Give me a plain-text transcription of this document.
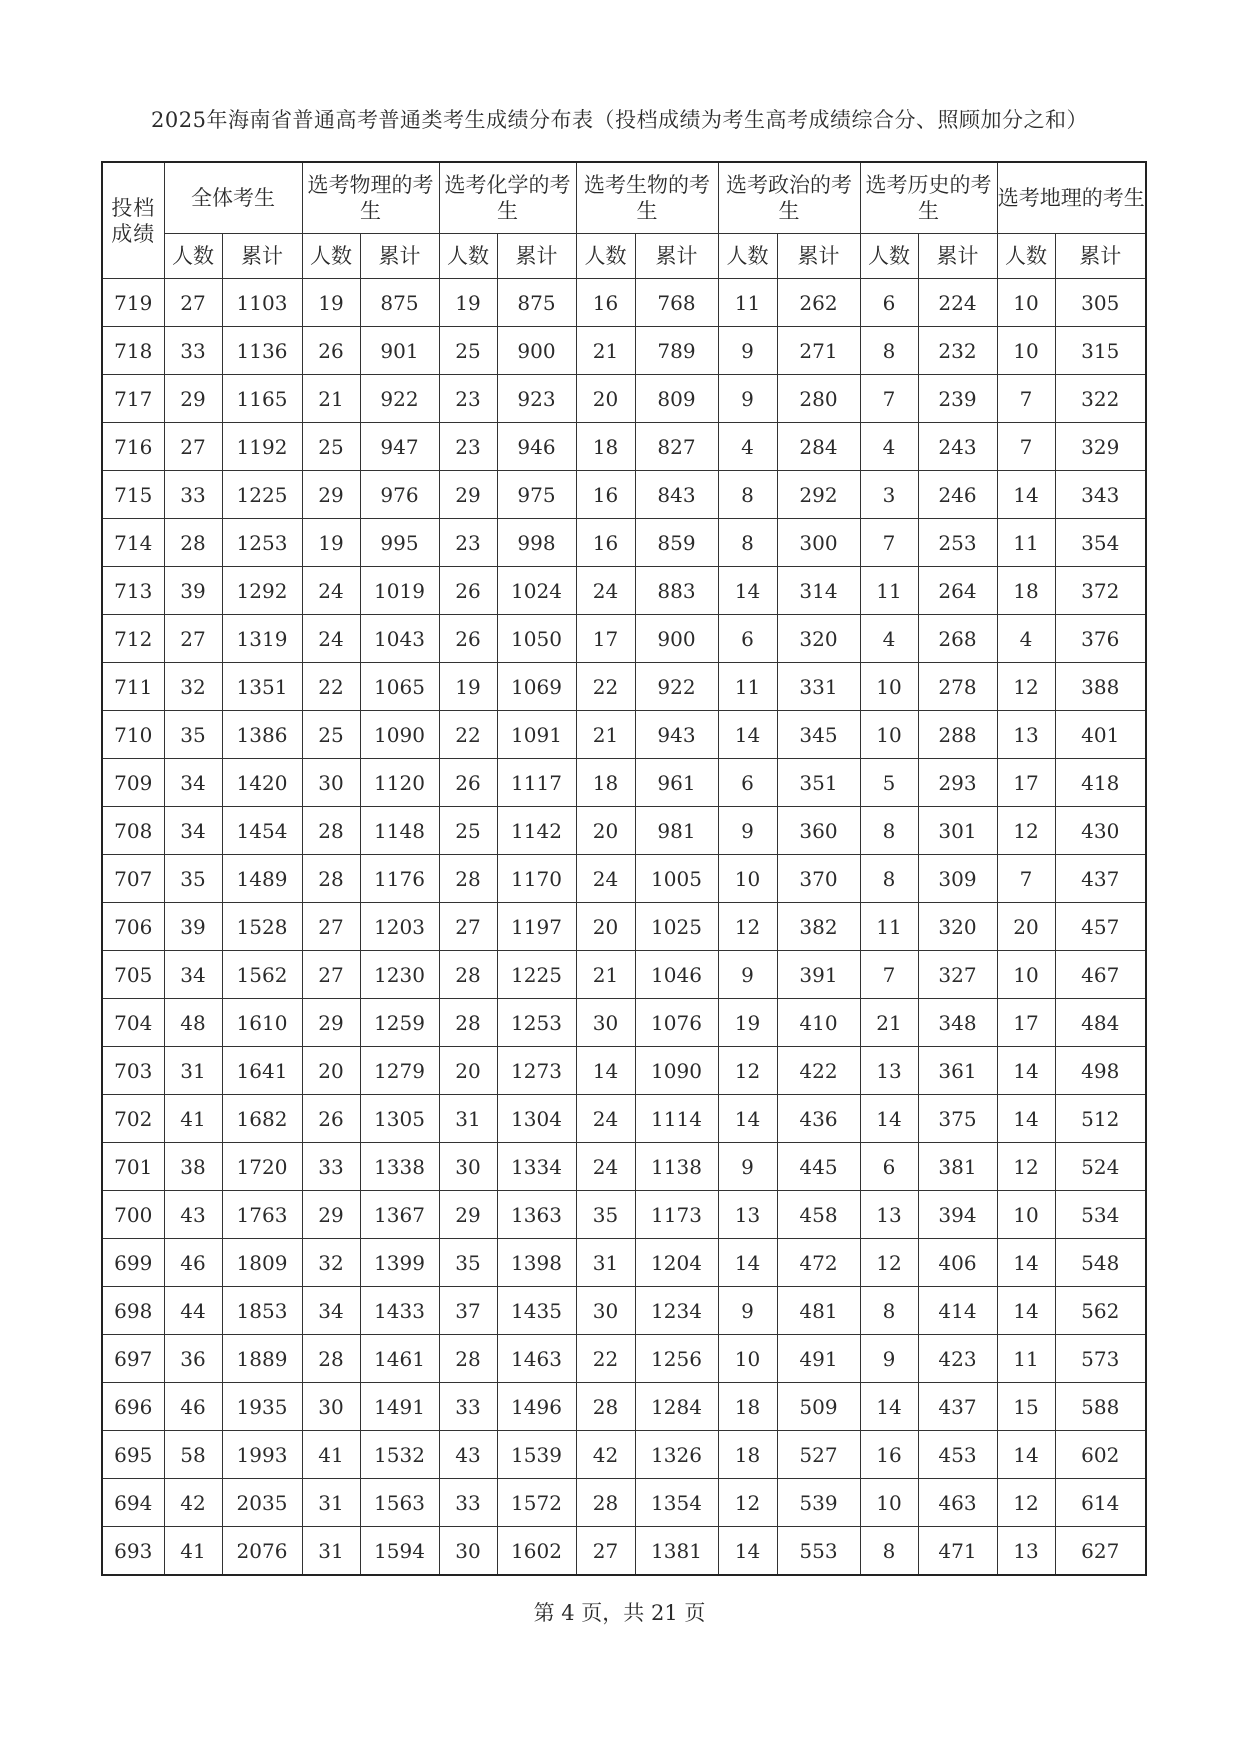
2025年海南省普通高考普通类考生成绩分布表（投档成绩为考生高考成绩综合分、照顾加分之和）
投档成绩	全体考生		选考物理的考生		选考化学的考生		选考生物的考生		选考政治的考生		选考历史的考生		选考地理的考生	
	人数	累计	人数	累计	人数	累计	人数	累计	人数	累计	人数	累计	人数	累计
719	27	1103	19	875	19	875	16	768	11	262	6	224	10	305
718	33	1136	26	901	25	900	21	789	9	271	8	232	10	315
717	29	1165	21	922	23	923	20	809	9	280	7	239	7	322
716	27	1192	25	947	23	946	18	827	4	284	4	243	7	329
715	33	1225	29	976	29	975	16	843	8	292	3	246	14	343
714	28	1253	19	995	23	998	16	859	8	300	7	253	11	354
713	39	1292	24	1019	26	1024	24	883	14	314	11	264	18	372
712	27	1319	24	1043	26	1050	17	900	6	320	4	268	4	376
711	32	1351	22	1065	19	1069	22	922	11	331	10	278	12	388
710	35	1386	25	1090	22	1091	21	943	14	345	10	288	13	401
709	34	1420	30	1120	26	1117	18	961	6	351	5	293	17	418
708	34	1454	28	1148	25	1142	20	981	9	360	8	301	12	430
707	35	1489	28	1176	28	1170	24	1005	10	370	8	309	7	437
706	39	1528	27	1203	27	1197	20	1025	12	382	11	320	20	457
705	34	1562	27	1230	28	1225	21	1046	9	391	7	327	10	467
704	48	1610	29	1259	28	1253	30	1076	19	410	21	348	17	484
703	31	1641	20	1279	20	1273	14	1090	12	422	13	361	14	498
702	41	1682	26	1305	31	1304	24	1114	14	436	14	375	14	512
701	38	1720	33	1338	30	1334	24	1138	9	445	6	381	12	524
700	43	1763	29	1367	29	1363	35	1173	13	458	13	394	10	534
699	46	1809	32	1399	35	1398	31	1204	14	472	12	406	14	548
698	44	1853	34	1433	37	1435	30	1234	9	481	8	414	14	562
697	36	1889	28	1461	28	1463	22	1256	10	491	9	423	11	573
696	46	1935	30	1491	33	1496	28	1284	18	509	14	437	15	588
695	58	1993	41	1532	43	1539	42	1326	18	527	16	453	14	602
694	42	2035	31	1563	33	1572	28	1354	12	539	10	463	12	614
693	41	2076	31	1594	30	1602	27	1381	14	553	8	471	13	627
第 4 页，共 21 页
